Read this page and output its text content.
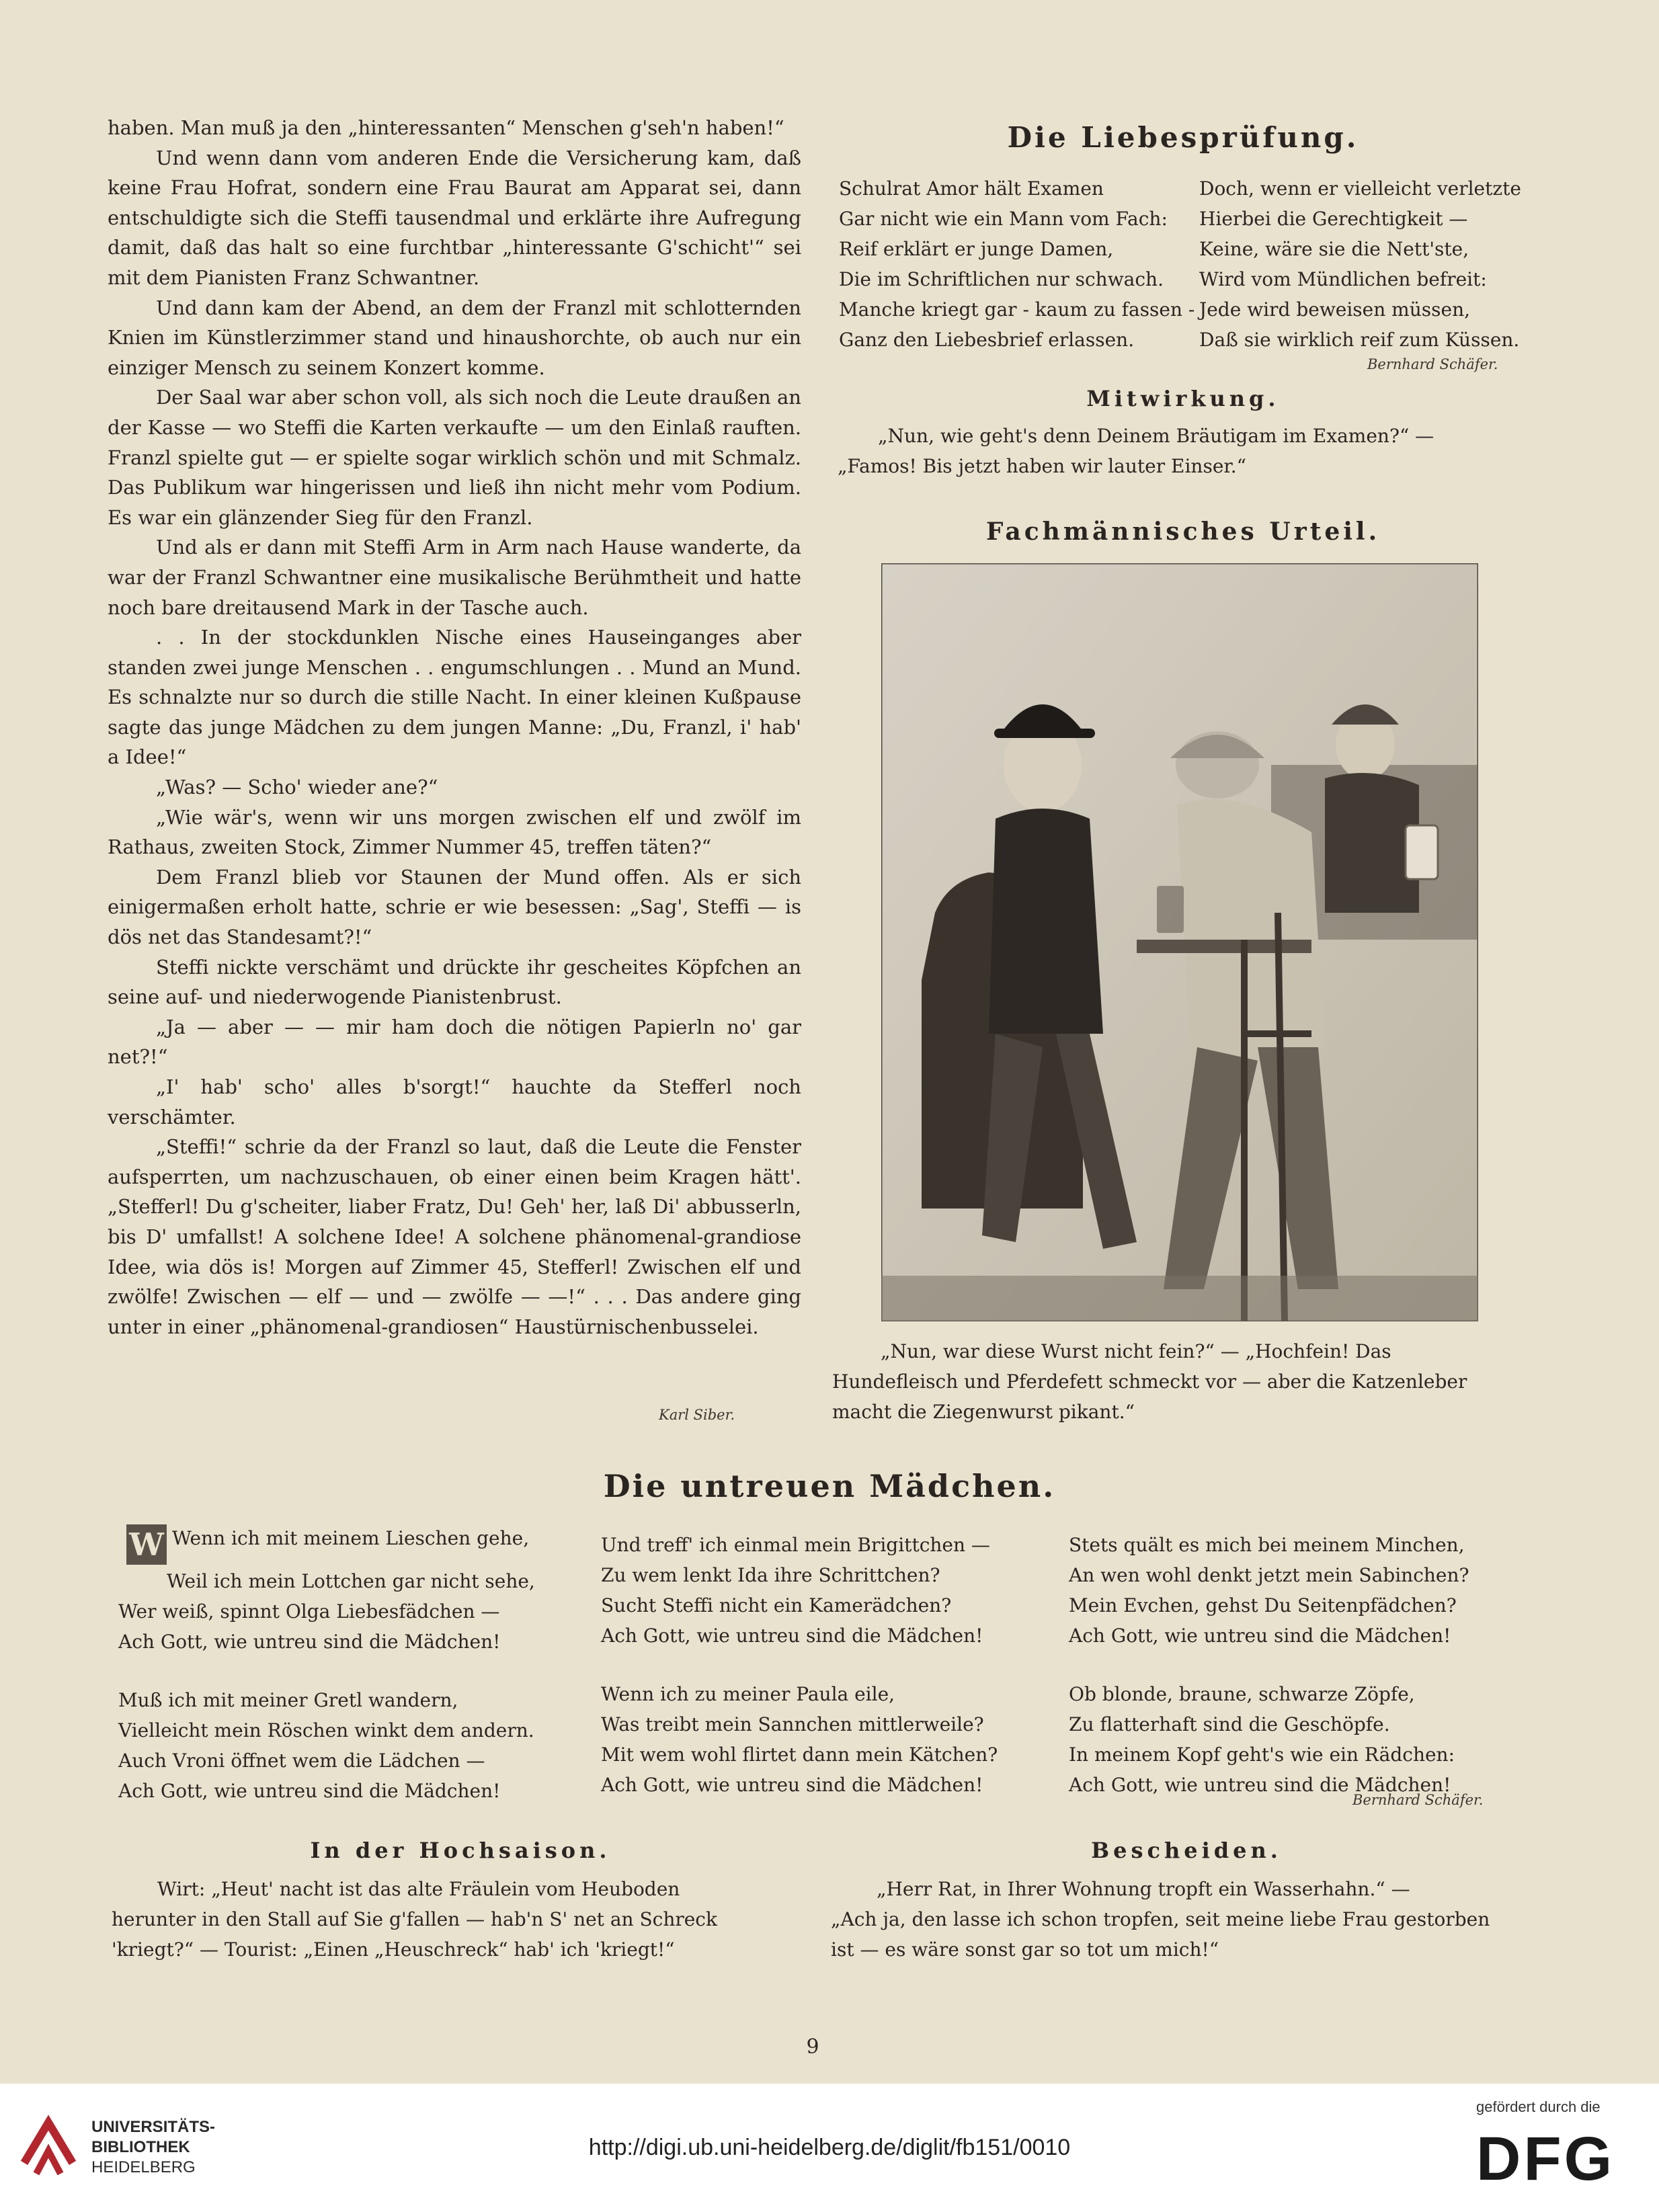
haben. Man muß ja den „hinteressanten“ Menschen g'seh'n haben!“

Und wenn dann vom anderen Ende die Versicherung kam, daß keine Frau Hofrat, sondern eine Frau Baurat am Apparat sei, dann entschuldigte sich die Steffi tausendmal und erklärte ihre Aufregung damit, daß das halt so eine furchtbar „hinteressante G'schicht'“ sei mit dem Pianisten Franz Schwantner.

Und dann kam der Abend, an dem der Franzl mit schlotternden Knien im Künstlerzimmer stand und hinaushorchte, ob auch nur ein einziger Mensch zu seinem Konzert komme.

Der Saal war aber schon voll, als sich noch die Leute draußen an der Kasse — wo Steffi die Karten verkaufte — um den Einlaß rauften. Franzl spielte gut — er spielte sogar wirklich schön und mit Schmalz. Das Publikum war hingerissen und ließ ihn nicht mehr vom Podium. Es war ein glänzender Sieg für den Franzl.

Und als er dann mit Steffi Arm in Arm nach Hause wanderte, da war der Franzl Schwantner eine musikalische Berühmtheit und hatte noch bare dreitausend Mark in der Tasche auch.

. . In der stockdunklen Nische eines Hauseinganges aber standen zwei junge Menschen . . engumschlungen . . Mund an Mund. Es schnalzte nur so durch die stille Nacht. In einer kleinen Kußpause sagte das junge Mädchen zu dem jungen Manne: „Du, Franzl, i' hab' a Idee!“

„Was? — Scho' wieder ane?“

„Wie wär's, wenn wir uns morgen zwischen elf und zwölf im Rathaus, zweiten Stock, Zimmer Nummer 45, treffen täten?“

Dem Franzl blieb vor Staunen der Mund offen. Als er sich einigermaßen erholt hatte, schrie er wie besessen: „Sag', Steffi — is dös net das Standesamt?!“

Steffi nickte verschämt und drückte ihr gescheites Köpfchen an seine auf- und niederwogende Pianistenbrust.

„Ja — aber — — mir ham doch die nötigen Papierln no' gar net?!“

„I' hab' scho' alles b'sorgt!“ hauchte da Stefferl noch verschämter.

„Steffi!“ schrie da der Franzl so laut, daß die Leute die Fenster aufsperrten, um nachzuschauen, ob einer einen beim Kragen hätt'. „Stefferl! Du g'scheiter, liaber Fratz, Du! Geh' her, laß Di' abbusserln, bis D' umfallst! A solchene Idee! A solchene phänomenal-grandiose Idee, wia dös is! Morgen auf Zimmer 45, Stefferl! Zwischen elf und zwölfe! Zwischen — elf — und — zwölfe — —!“ . . . Das andere ging unter in einer „phänomenal-grandiosen“ Haustürnischenbusselei.

Karl Siber.
Die Liebesprüfung.
Schulrat Amor hält Examen
Gar nicht wie ein Mann vom Fach:
Reif erklärt er junge Damen,
Die im Schriftlichen nur schwach.
Manche kriegt gar - kaum zu fassen -
Ganz den Liebesbrief erlassen.
Doch, wenn er vielleicht verletzte
Hierbei die Gerechtigkeit —
Keine, wäre sie die Nett'ste,
Wird vom Mündlichen befreit:
Jede wird beweisen müssen,
Daß sie wirklich reif zum Küssen.
Bernhard Schäfer.
Mitwirkung.
„Nun, wie geht's denn Deinem Bräutigam im Examen?“ —
„Famos! Bis jetzt haben wir lauter Einser.“
Fachmännisches Urteil.
„Nun, war diese Wurst nicht fein?“ — „Hochfein! Das
Hundefleisch und Pferdefett schmeckt vor — aber die Katzenleber
macht die Ziegenwurst pikant.“
Die untreuen Mädchen.
W Wenn ich mit meinem Lieschen gehe,
Weil ich mein Lottchen gar nicht sehe,
Wer weiß, spinnt Olga Liebesfädchen —
Ach Gott, wie untreu sind die Mädchen!
Muß ich mit meiner Gretl wandern,
Vielleicht mein Röschen winkt dem andern.
Auch Vroni öffnet wem die Lädchen —
Ach Gott, wie untreu sind die Mädchen!
Und treff' ich einmal mein Brigittchen —
Zu wem lenkt Ida ihre Schrittchen?
Sucht Steffi nicht ein Kamerädchen?
Ach Gott, wie untreu sind die Mädchen!
Wenn ich zu meiner Paula eile,
Was treibt mein Sannchen mittlerweile?
Mit wem wohl flirtet dann mein Kätchen?
Ach Gott, wie untreu sind die Mädchen!
Stets quält es mich bei meinem Minchen,
An wen wohl denkt jetzt mein Sabinchen?
Mein Evchen, gehst Du Seitenpfädchen?
Ach Gott, wie untreu sind die Mädchen!
Ob blonde, braune, schwarze Zöpfe,
Zu flatterhaft sind die Geschöpfe.
In meinem Kopf geht's wie ein Rädchen:
Ach Gott, wie untreu sind die Mädchen!
Bernhard Schäfer.
In der Hochsaison.
Wirt: „Heut' nacht ist das alte Fräulein vom Heuboden
herunter in den Stall auf Sie g'fallen — hab'n S' net an Schreck
'kriegt?“ — Tourist: „Einen „Heuschreck“ hab' ich 'kriegt!“
Bescheiden.
„Herr Rat, in Ihrer Wohnung tropft ein Wasserhahn.“ —
„Ach ja, den lasse ich schon tropfen, seit meine liebe Frau gestorben
ist — es wäre sonst gar so tot um mich!“
9
UNIVERSITÄTS-
BIBLIOTHEK
HEIDELBERG
http://digi.ub.uni-heidelberg.de/diglit/fb151/0010
gefördert durch die
DFG
